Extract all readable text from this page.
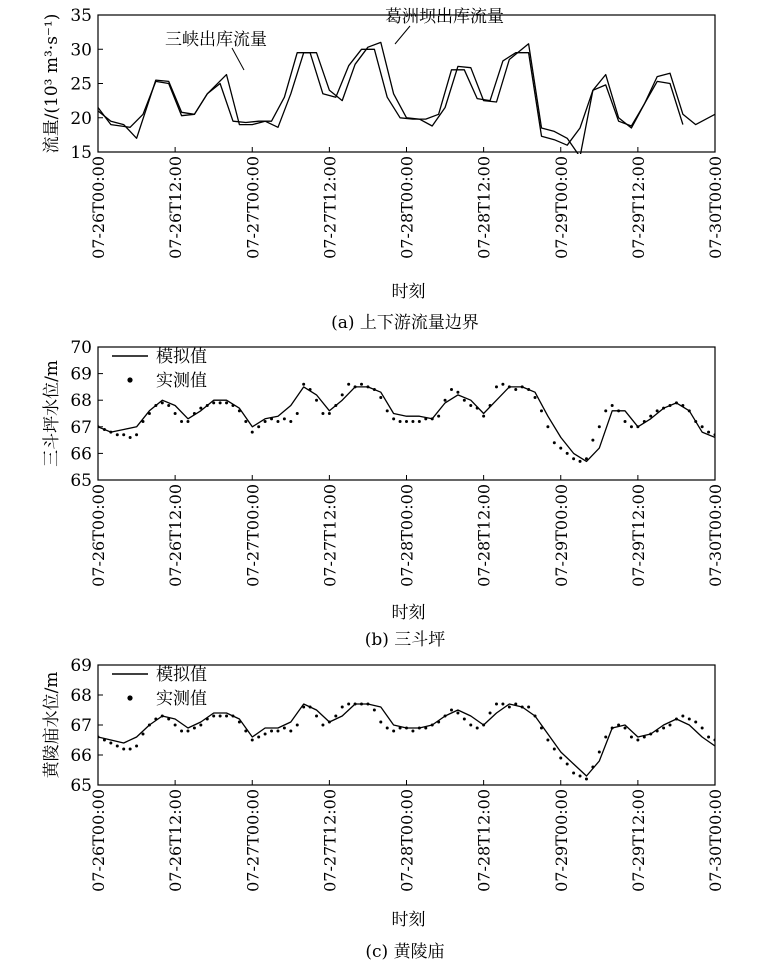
(a) 上下游流量边界
15
20
25
30
35
07-26T00:00	07-26T12:00	07-27T00:00	07-27T12:00	07-28T00:00	07-28T12:00	07-29T00:00	07-29T12:00	07-30T00:00
时刻
流量/(10³ m³·s⁻¹)	三峡出库流量
葛洲坝出库流量
(b) 三斗坪
65
66
67
68
69
70
07-26T00:00	07-26T12:00	07-27T00:00	07-27T12:00	07-28T00:00	07-28T12:00	07-29T00:00	07-29T12:00	07-30T00:00
时刻
三斗坪水位/m
模拟值
实测值
(c) 黄陵庙
65
66
67
68
69
07-26T00:00	07-26T12:00	07-27T00:00	07-27T12:00	07-28T00:00	07-28T12:00	07-29T00:00	07-29T12:00	07-30T00:00
时刻
黄陵庙水位/m	模拟值
实测值
